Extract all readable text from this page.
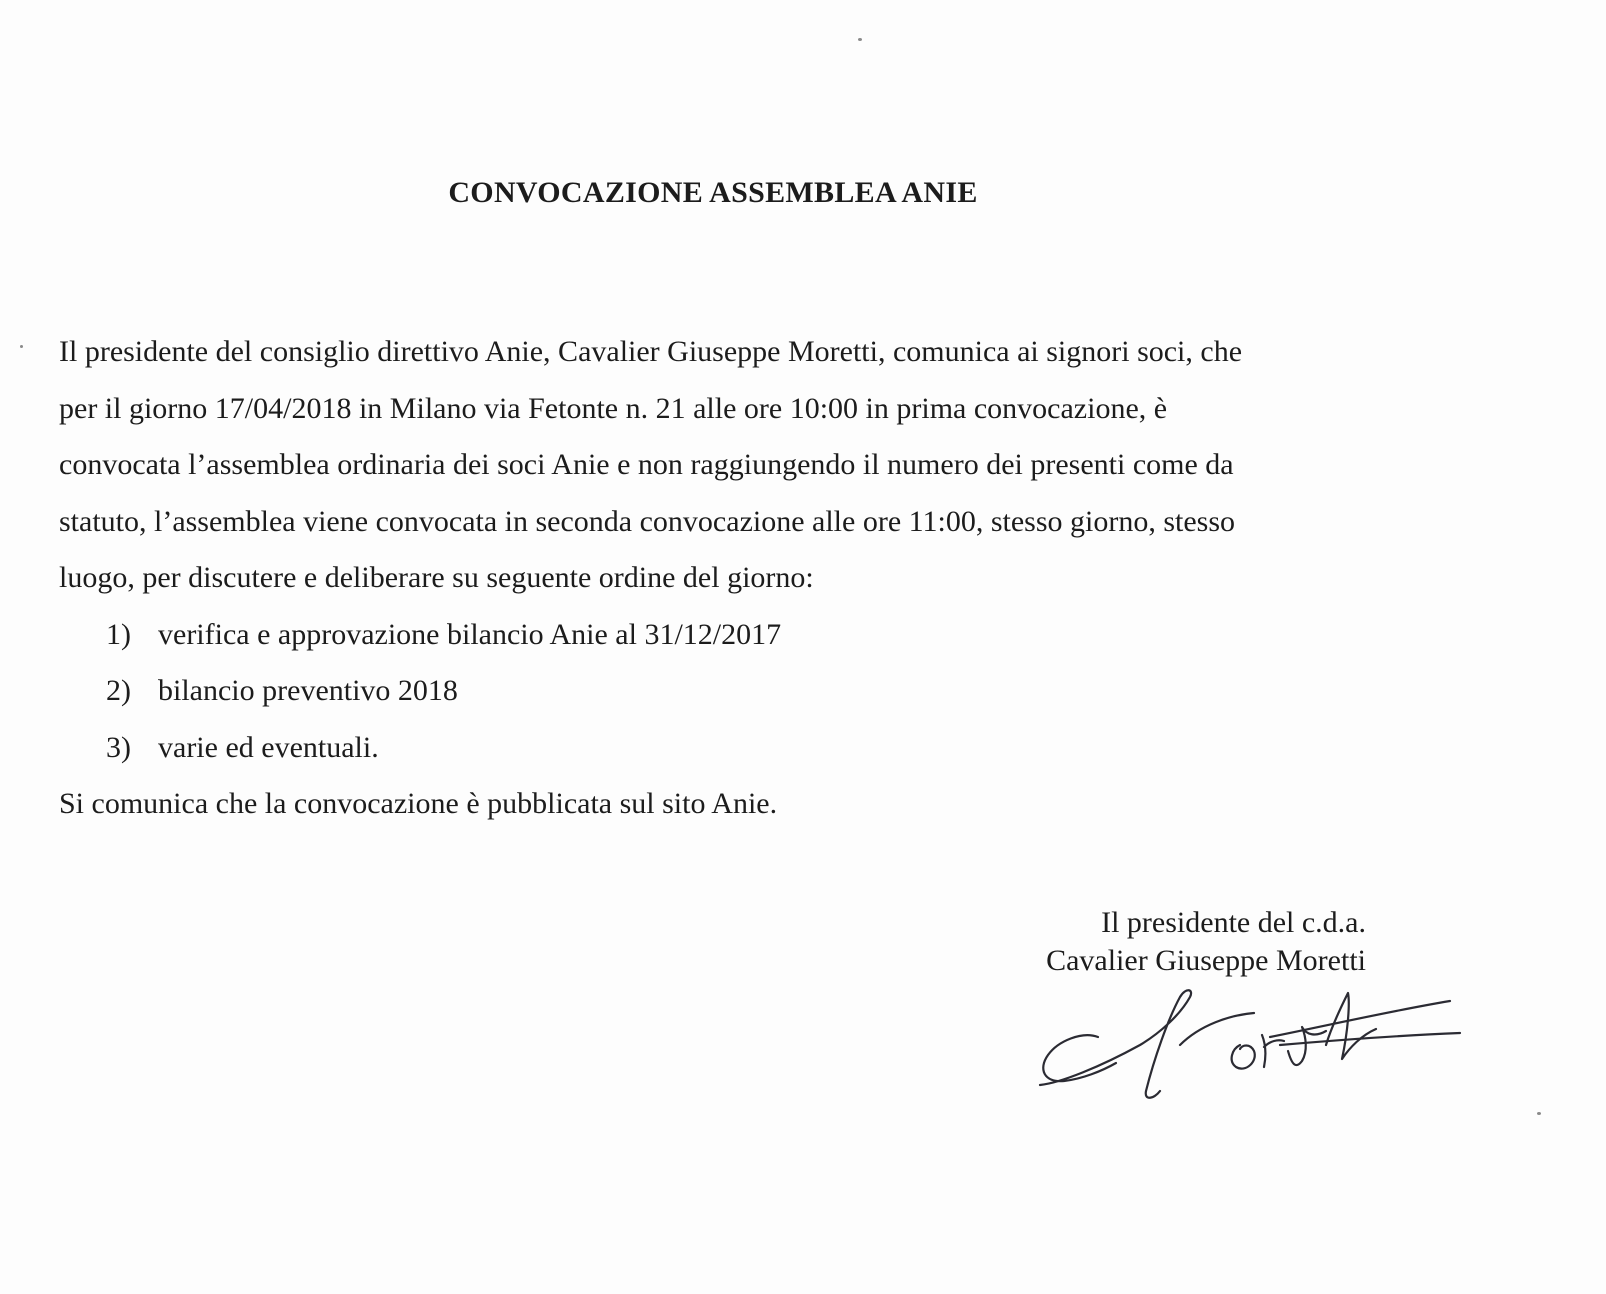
CONVOCAZIONE ASSEMBLEA ANIE
Il presidente del consiglio direttivo Anie, Cavalier Giuseppe Moretti, comunica ai signori soci, che
per il giorno 17/04/2018 in Milano via Fetonte n. 21 alle ore 10:00 in prima convocazione, è
convocata l’assemblea ordinaria dei soci Anie e non raggiungendo il numero dei presenti come da
statuto, l’assemblea viene convocata in seconda convocazione alle ore 11:00, stesso giorno, stesso
luogo, per discutere e deliberare su seguente ordine del giorno:
1) verifica e approvazione bilancio Anie al 31/12/2017
2) bilancio preventivo 2018
3) varie ed eventuali.
Si comunica che la convocazione è pubblicata sul sito Anie.
Il presidente del c.d.a.
Cavalier Giuseppe Moretti
